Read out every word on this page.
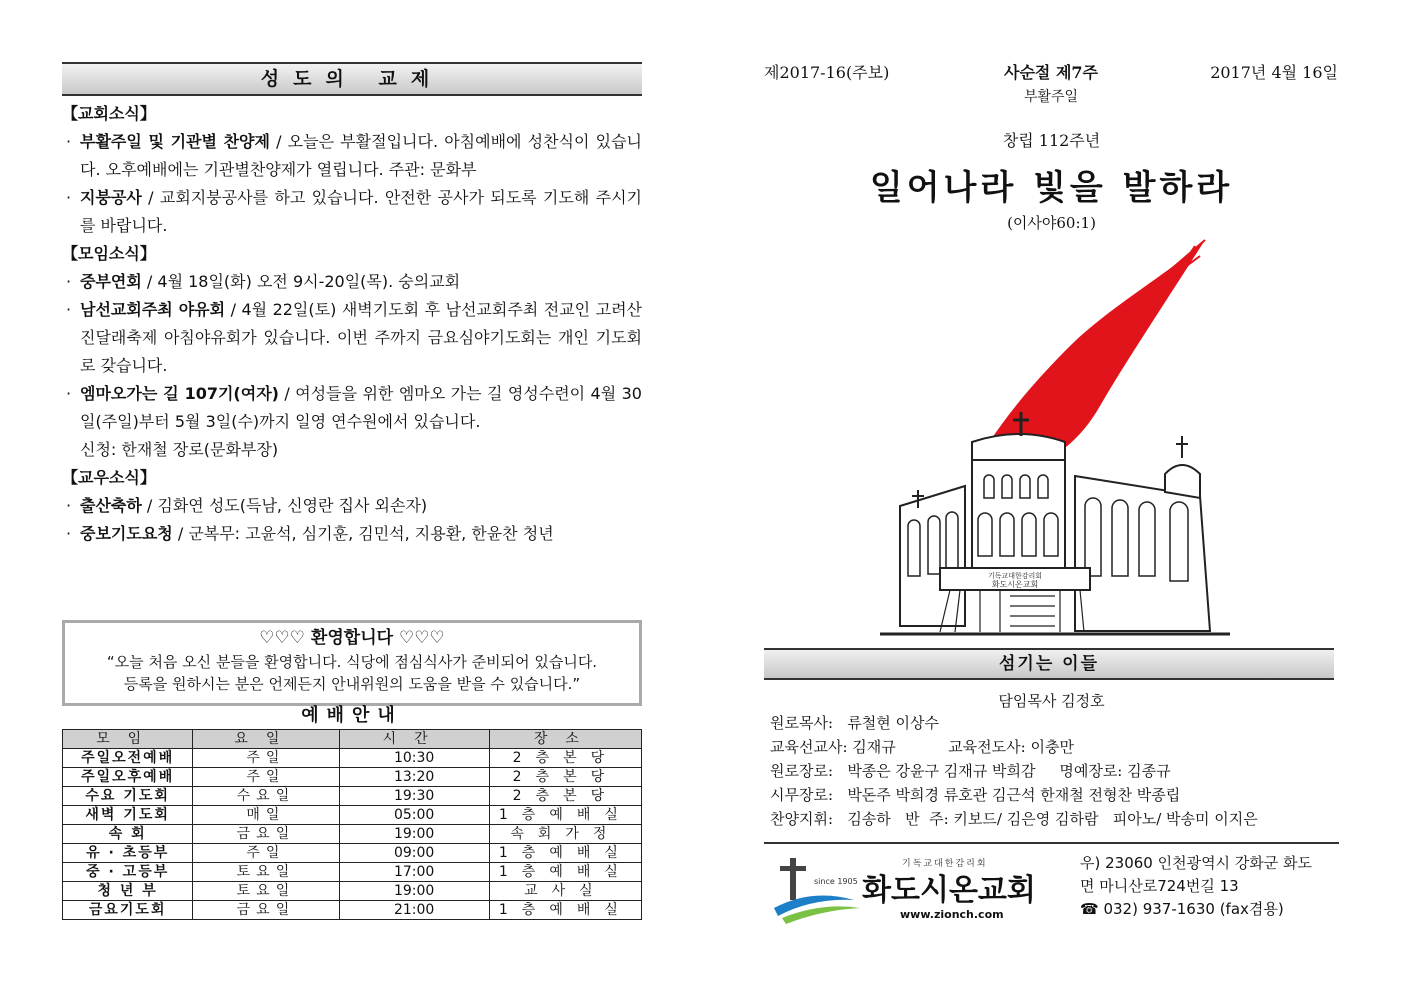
성도의 교제
【교회소식】
· 부활주일 및 기관별 찬양제 / 오늘은 부활절입니다. 아침예배에 성찬식이 있습니다. 오후예배에는 기관별찬양제가 열립니다. 주관: 문화부
· 지붕공사 / 교회지붕공사를 하고 있습니다. 안전한 공사가 되도록 기도해 주시기를 바랍니다.
【모임소식】
· 중부연회 / 4월 18일(화) 오전 9시-20일(목). 숭의교회
· 남선교회주최 야유회 / 4월 22일(토) 새벽기도회 후 남선교회주최 전교인 고려산 진달래축제 아침야유회가 있습니다. 이번 주까지 금요심야기도회는 개인 기도회로 갖습니다.
· 엠마오가는 길 107기(여자) / 여성들을 위한 엠마오 가는 길 영성수련이 4월 30일(주일)부터 5월 3일(수)까지 일영 연수원에서 있습니다.
신청: 한재철 장로(문화부장)
【교우소식】
· 출산축하 / 김화연 성도(득남, 신영란 집사 외손자)
· 중보기도요청 / 군복무: 고윤석, 심기훈, 김민석, 지용환, 한윤찬 청년
♡♡♡ 환영합니다 ♡♡♡
“오늘 처음 오신 분들을 환영합니다. 식당에 점심식사가 준비되어 있습니다.
등록을 원하시는 분은 언제든지 안내위원의 도움을 받을 수 있습니다.”
예배안내
모임	요일	시간	장소
주일오전예배	주일	10:30	2층본당
주일오후예배	주일	13:20	2층본당
수요 기도회	수요일	19:30	2층본당
새벽 기도회	매일	05:00	1층예배실
속 회	금요일	19:00	속회가정
유 · 초등부	주일	09:00	1층예배실
중 · 고등부	토요일	17:00	1층예배실
청 년 부	토요일	19:00	교사실
금요기도회	금요일	21:00	1층예배실
제2017-16(주보)	사순절 제7주
부활주일
2017년 4월 16일
창립 112주년
일어나라 빛을 발하라
(이사야60:1)
기독교대한감리회
화도시온교회
섬기는 이들
담임목사 김정호
원로목사:   류철현 이상수
교육선교사: 김재규           교육전도사: 이충만
원로장로:   박종은 강윤구 김재규 박희감     명예장로: 김종규
시무장로:   박돈주 박희경 류호관 김근석 한재철 전형찬 박종립
찬양지휘:   김송하   반  주: 키보드/ 김은영 김하람   피아노/ 박송미 이지은
since 1905
기독교대한감리회
화도시온교회
www.zionch.com
우) 23060 인천광역시 강화군 화도
면 마니산로724번길 13
☎ 032) 937-1630 (fax겸용)
